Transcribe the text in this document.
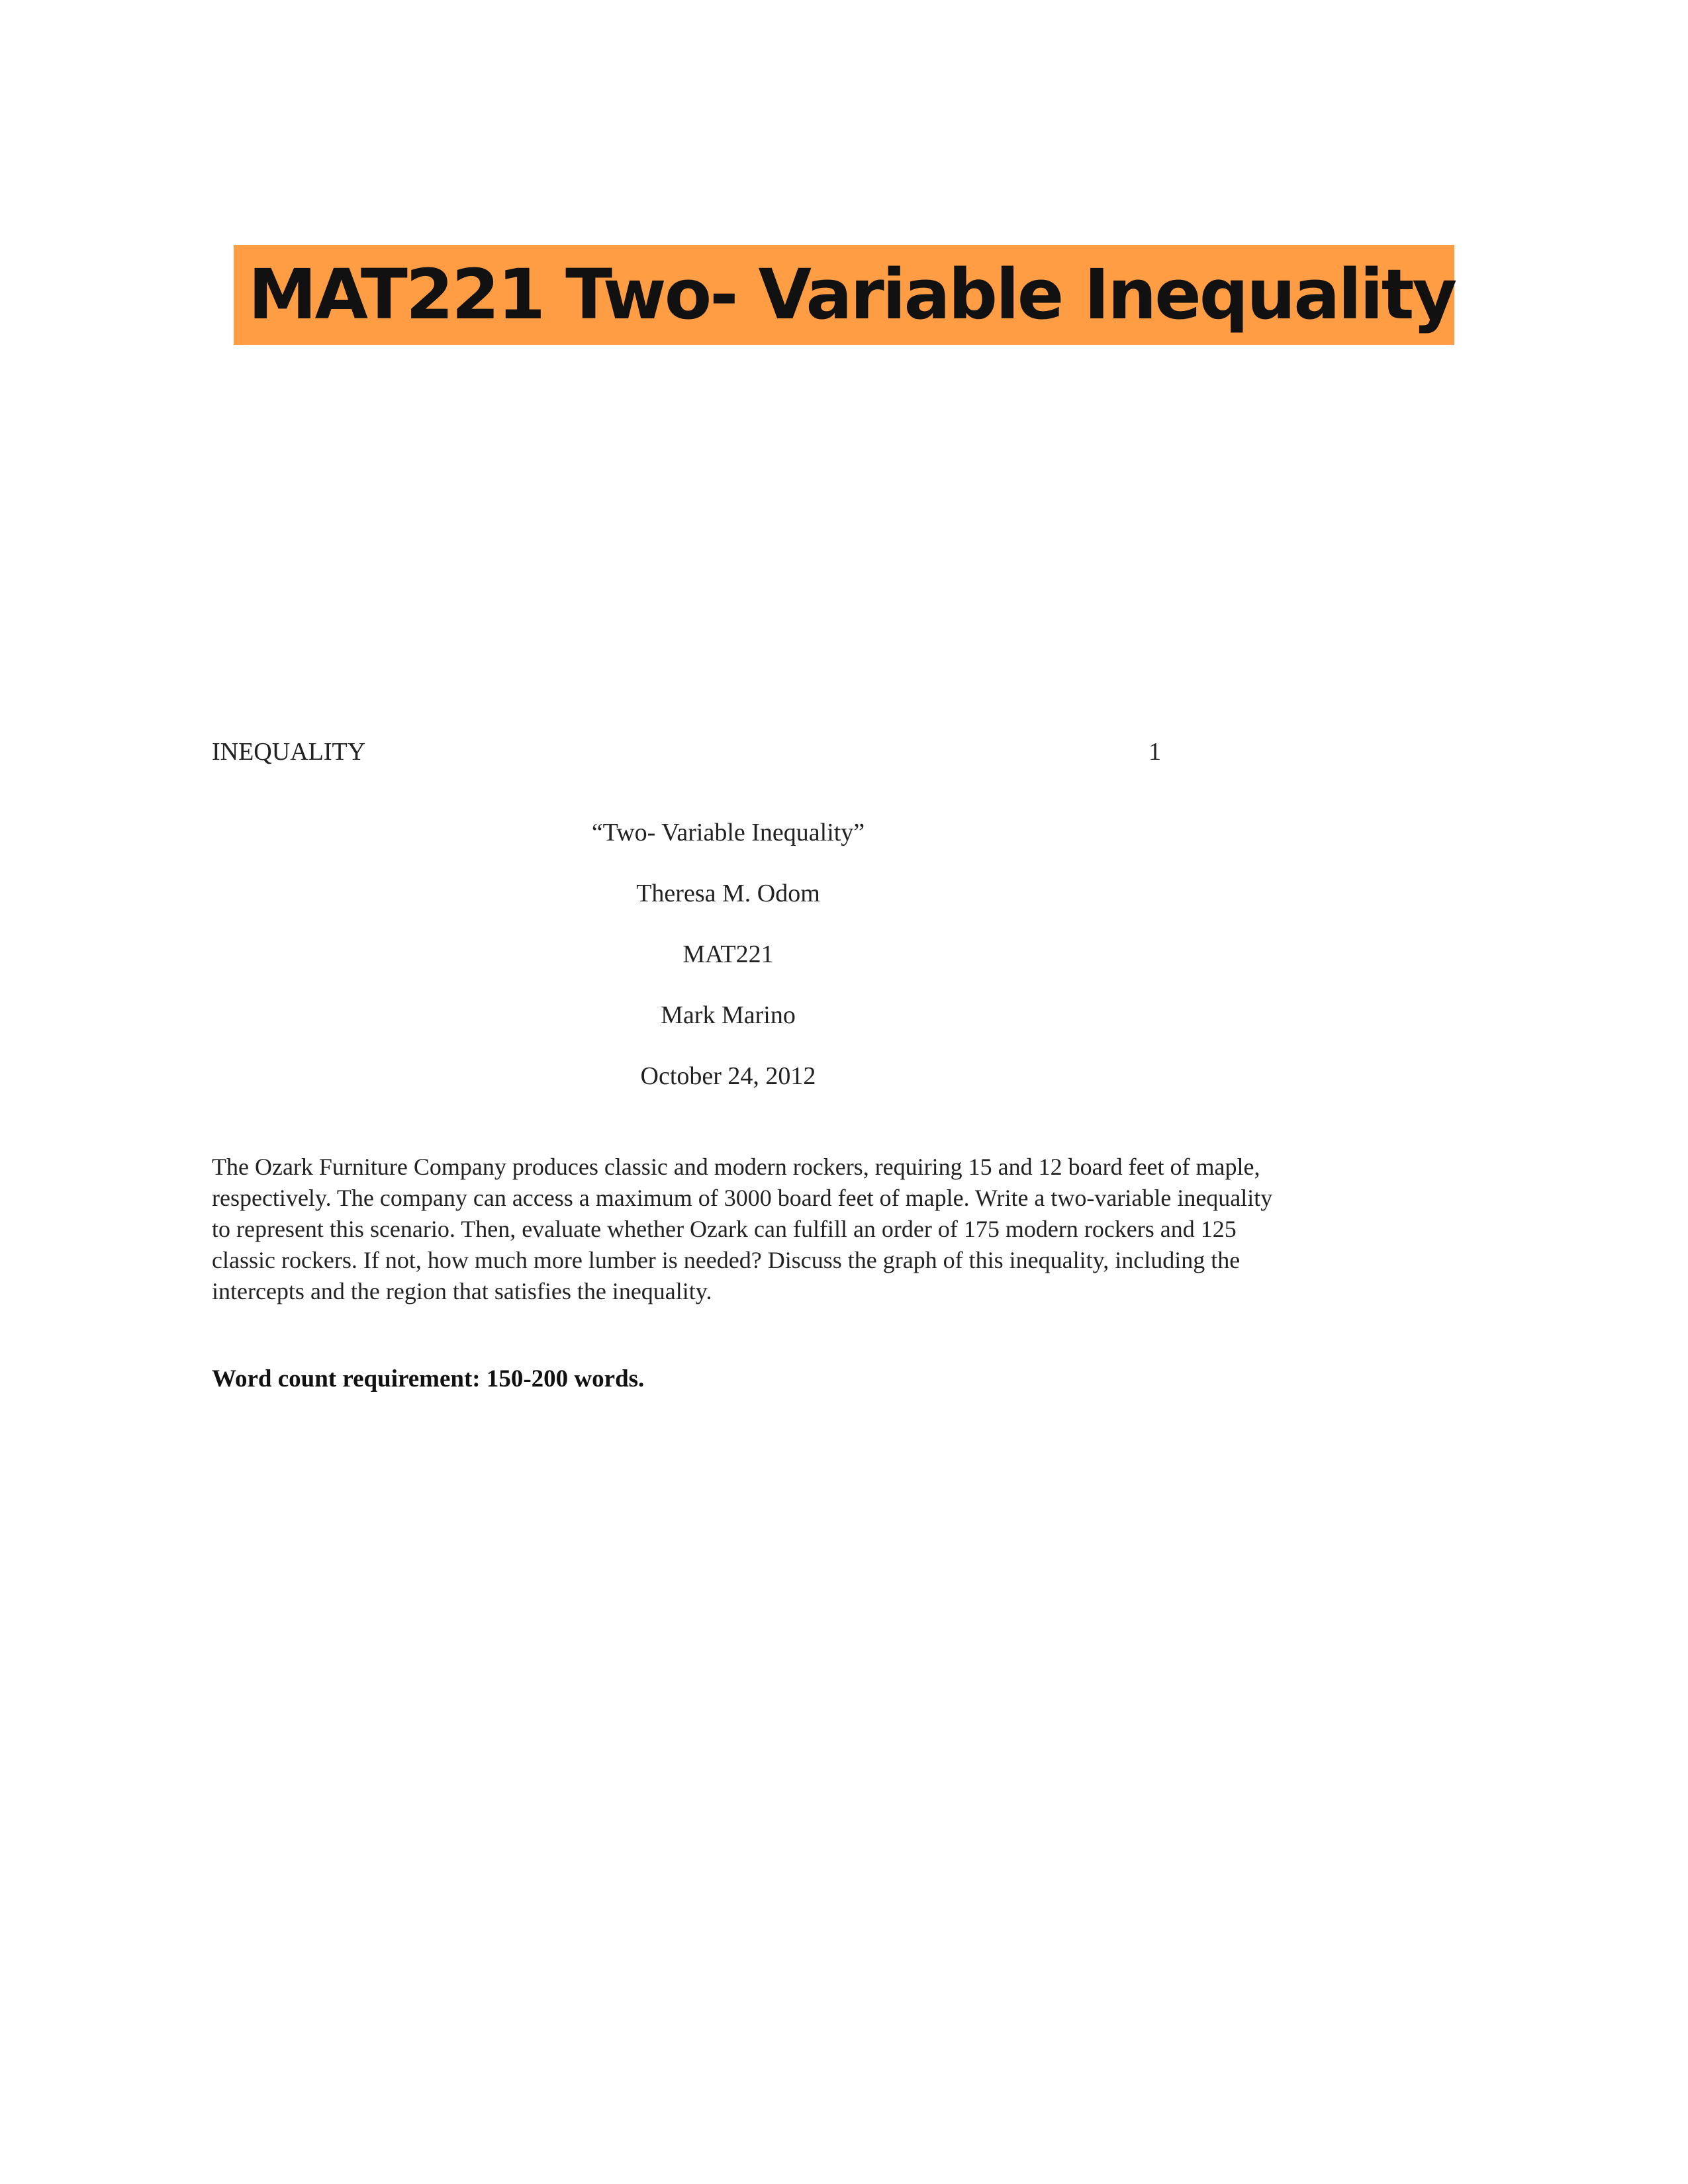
MAT221 Two- Variable Inequality
INEQUALITY	1
“Two- Variable Inequality”
Theresa M. Odom
MAT221
Mark Marino
October 24, 2012

The Ozark Furniture Company produces classic and modern rockers, requiring 15 and 12 board feet of maple, respectively. The company can access a maximum of 3000 board feet of maple. Write a two-variable inequality to represent this scenario. Then, evaluate whether Ozark can fulfill an order of 175 modern rockers and 125 classic rockers. If not, how much more lumber is needed? Discuss the graph of this inequality, including the intercepts and the region that satisfies the inequality.

Word count requirement: 150-200 words.
